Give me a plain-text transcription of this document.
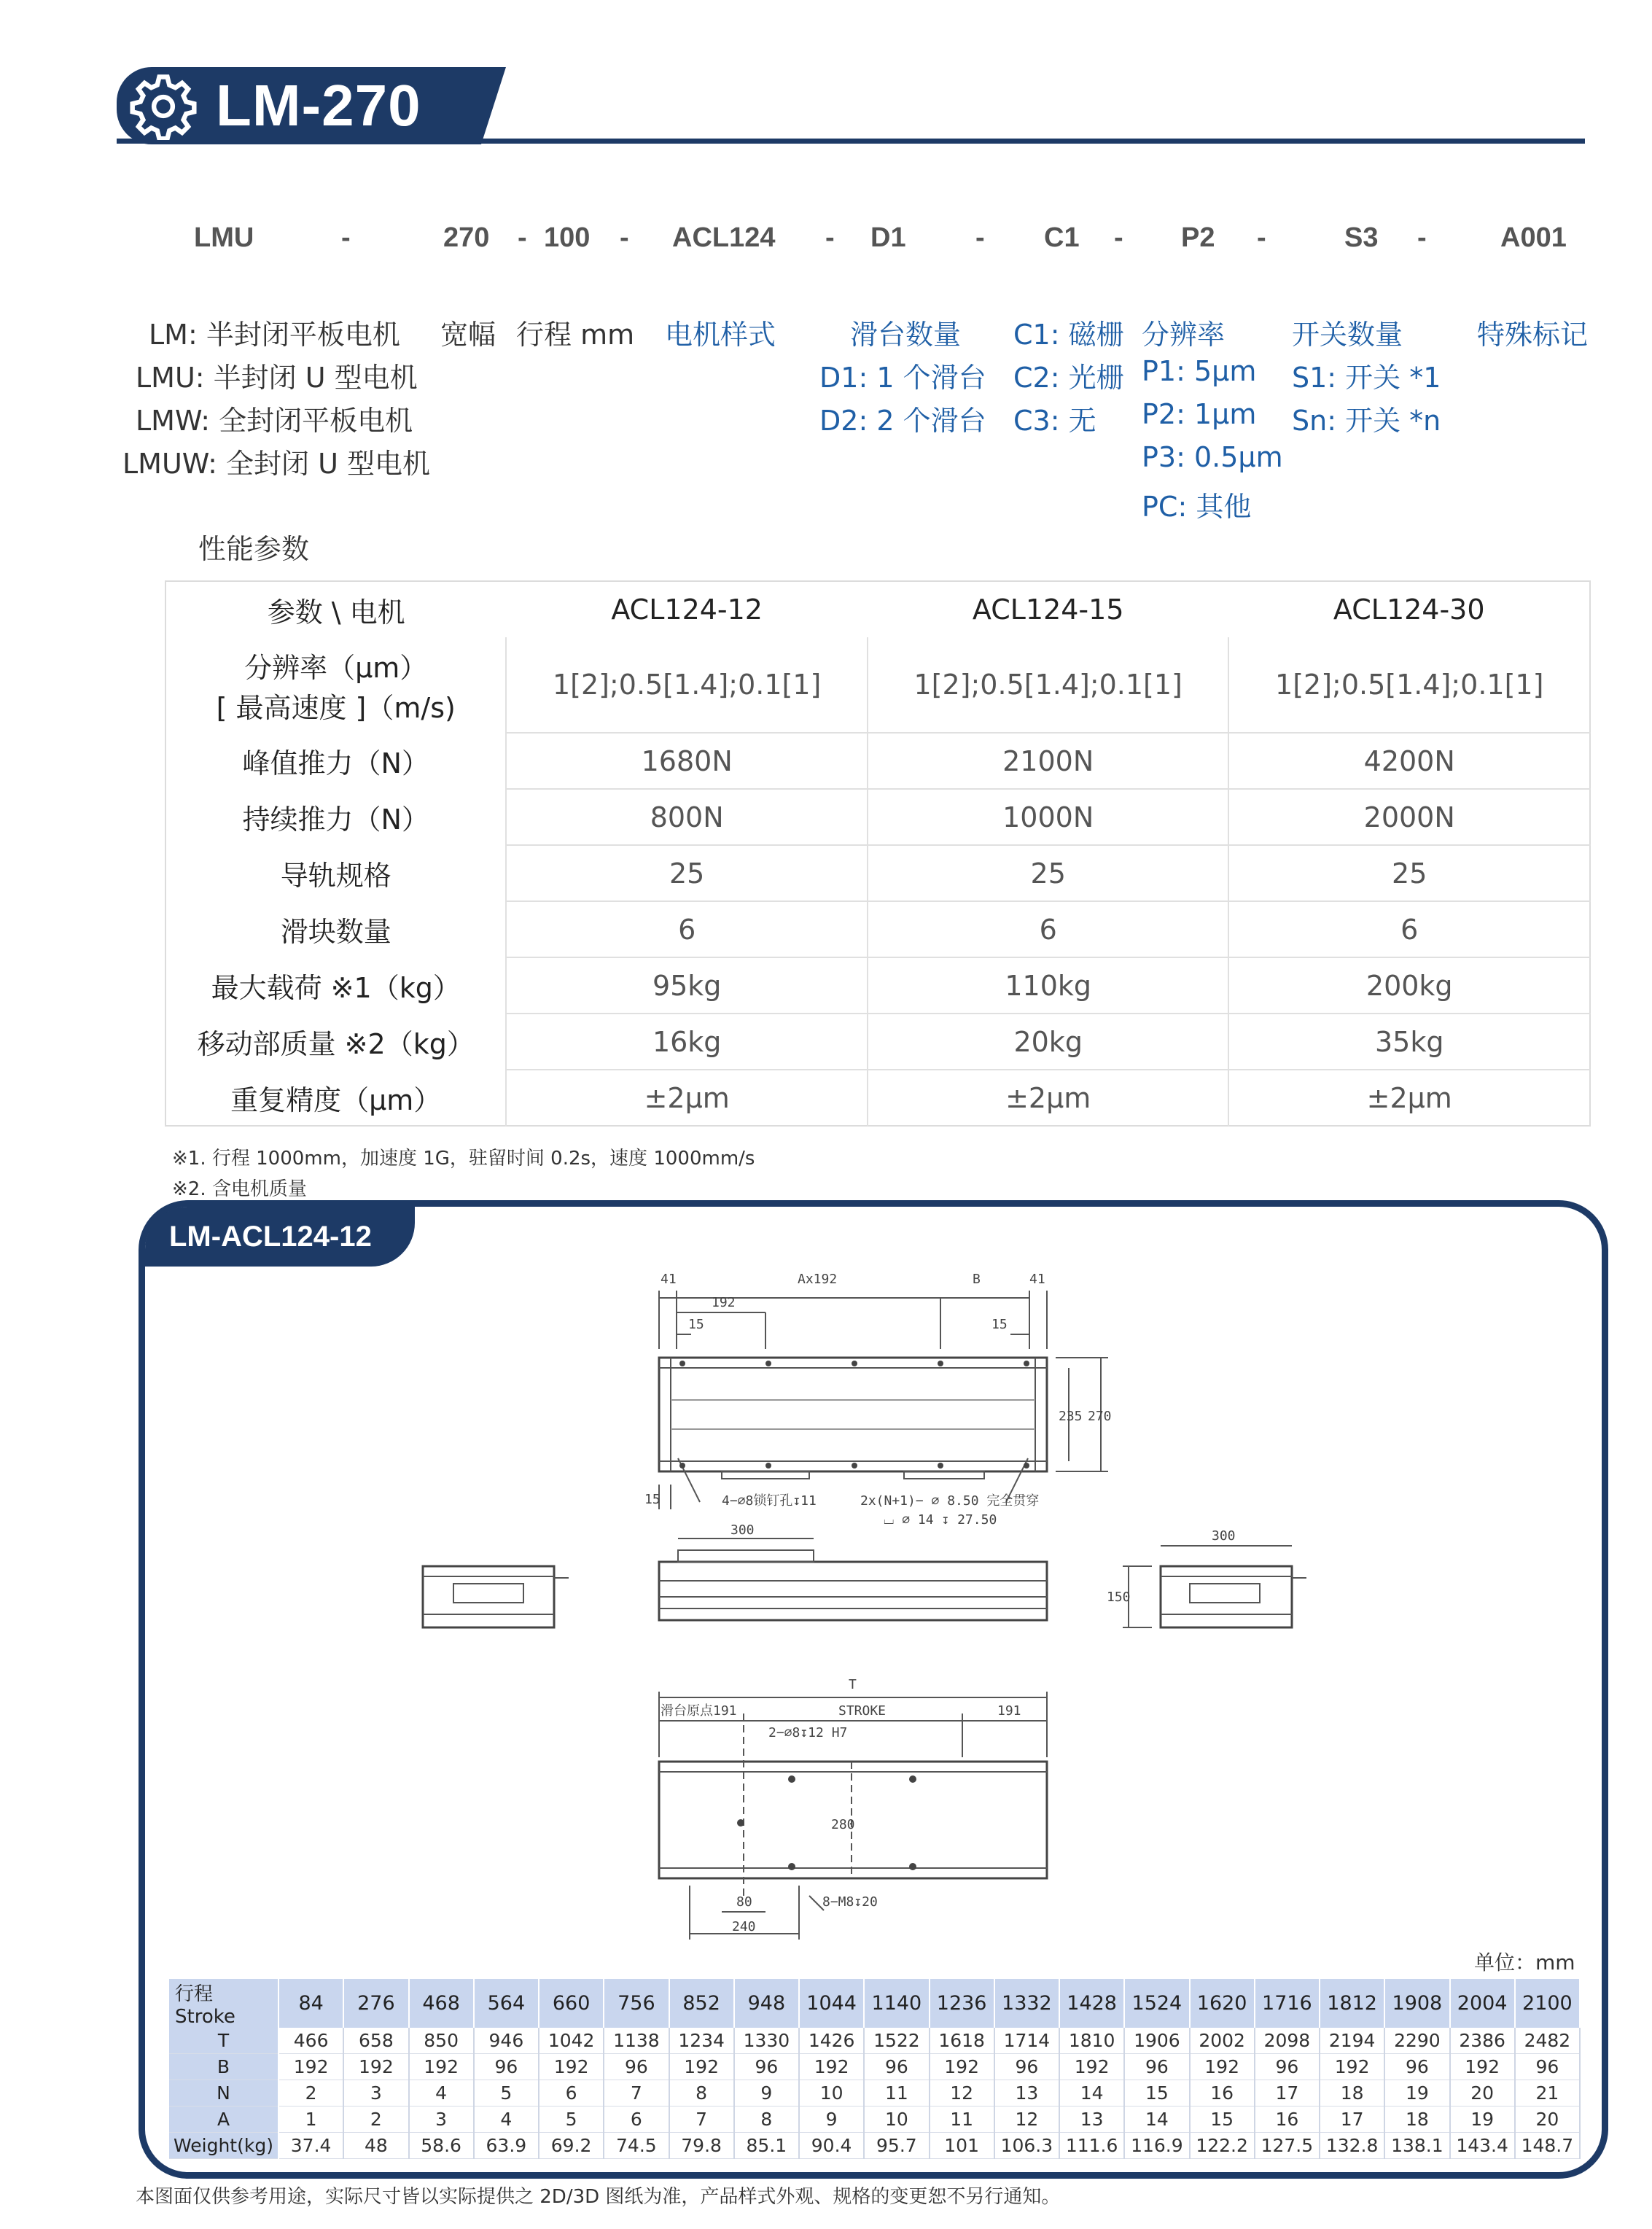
LM-270
LMU	-	270 - 100 - ACL124 - D1	- C1 - P2 -	S3 -	A001
LM: 半封闭平板电机
LMU: 半封闭 U 型电机
LMW: 全封闭平板电机
LMUW: 全封闭 U 型电机
宽幅 行程 mm 电机样式	滑台数量
D1: 1 个滑台
D2: 2 个滑台
C1: 磁栅
C2: 光栅
C3: 无
分辨率
P1: 5μm
P2: 1μm
P3: 0.5μm
PC: 其他
开关数量
S1: 开关 *1
Sn: 开关 *n
特殊标记
性能参数
参数 \ 电机	ACL124-12	ACL124-15	ACL124-30
分辨率（μm）
[ 最高速度 ]（m/s)	1[2];0.5[1.4];0.1[1]	1[2];0.5[1.4];0.1[1]	1[2];0.5[1.4];0.1[1]
峰值推力（N）	1680N	2100N	4200N
持续推力（N）	800N	1000N	2000N
导轨规格	25	25	25
滑块数量	6	6	6
最大载荷 ※1（kg）	95kg	110kg	200kg
移动部质量 ※2（kg）	16kg	20kg	35kg
重复精度（μm）	±2μm	±2μm	±2μm
※1. 行程 1000mm，加速度 1G，驻留时间 0.2s，速度 1000mm/s
※2. 含电机质量
LM-ACL124-12
41	Ax192	B	41
192
15	15
235 270
15	4−∅8锁钉孔↧11	2x(N+1)− ∅ 8.50 完全贯穿
⌴ ∅ 14 ↧ 27.50
300	300
150
T
滑台原点191	STROKE	191
2−∅8↧12 H7
280
80
240
8−M8↧20
单位：mm
行程 Stroke	84	276	468	564	660	756	852	948	1044	1140	1236	1332	1428	1524	1620	1716	1812	1908	2004	2100
T	466	658	850	946	1042	1138	1234	1330	1426	1522	1618	1714	1810	1906	2002	2098	2194	2290	2386	2482
B	192	192	192	96	192	96	192	96	192	96	192	96	192	96	192	96	192	96	192	96
N	2	3	4	5	6	7	8	9	10	11	12	13	14	15	16	17	18	19	20	21
A	1	2	3	4	5	6	7	8	9	10	11	12	13	14	15	16	17	18	19	20
Weight(kg)	37.4	48	58.6	63.9	69.2	74.5	79.8	85.1	90.4	95.7	101	106.3	111.6	116.9	122.2	127.5	132.8	138.1	143.4	148.7
本图面仅供参考用途，实际尺寸皆以实际提供之 2D/3D 图纸为准，产品样式外观、规格的变更恕不另行通知。
